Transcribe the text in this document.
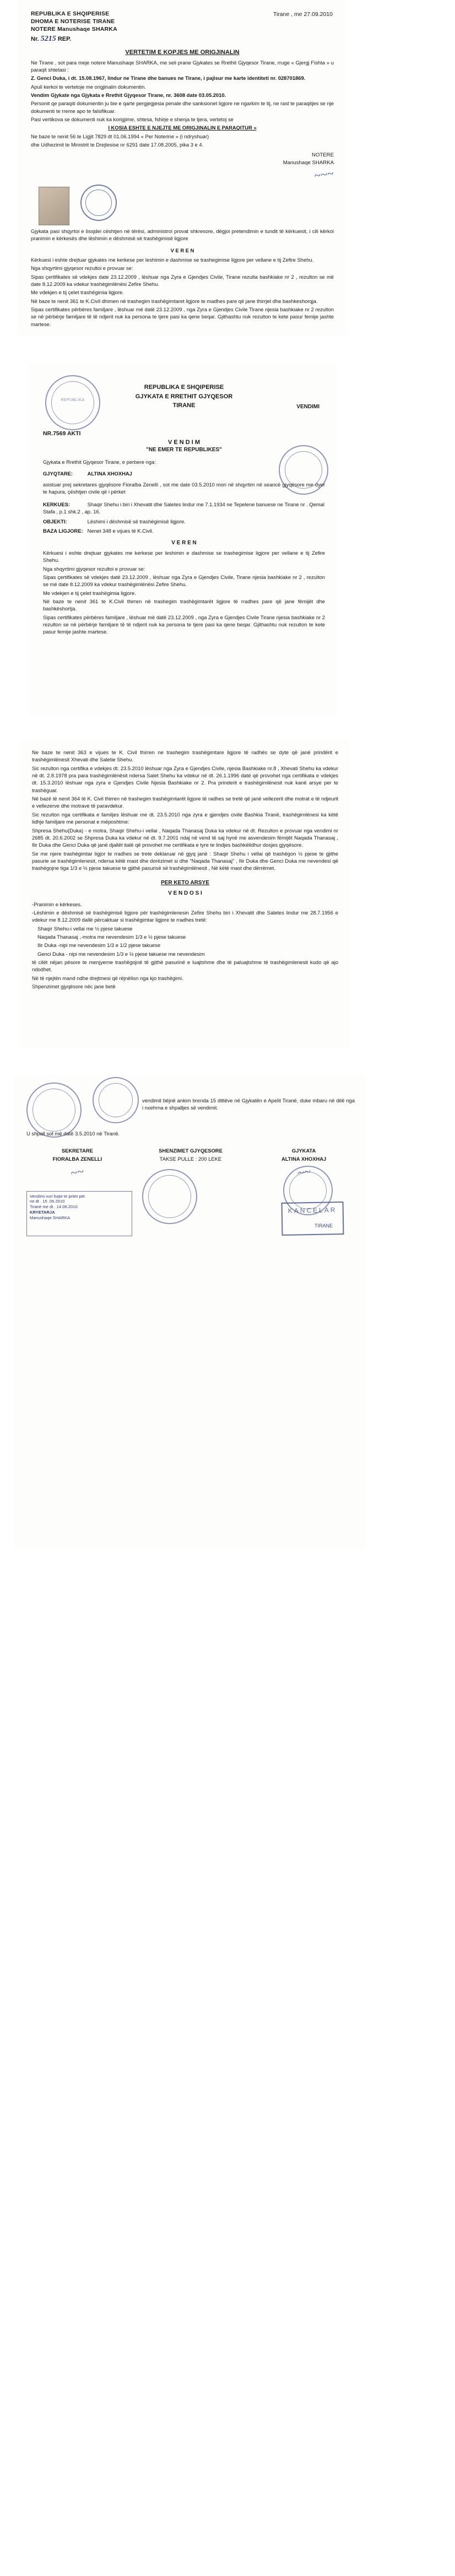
Tirane , me 27.09.2010
REPUBLIKA E SHQIPERISE
DHOMA E NOTERISE TIRANE
NOTERE Manushaqe SHARKA
Nr. 5215 REP.
VERTETIM E KOPJES ME ORIGJINALIN

Ne Tirane , sot para meje notere Manushaqe SHARKA, me seli prane Gjykates se Rrethit Gjyqesor Tirane, rruge « Gjergj Fishta » u paraqit shtetasi :

Z. Genci Duka, i dt. 15.08.1967, lindur ne Tirane dhe banues ne Tirane, i pajisur me karte identiteti nr. 028701869.

Apuli kerkoi te vertetoje me origjinalin dokumentin.

Vendim Gjykate nga Gjykata e Rrethit Gjyqesor Tirane, nr. 3608 date 03.05.2010.

Personit qe paraqiti dokumentin ju bie e qarte pergjegjesia penale dhe sanksionet ligjore ne ngarkim te tij, ne rast te paraqitjes se nje dokumenti te rreme apo te falsifikuar.

Pasi vertikova se dokumenti nuk ka korigjime, shtesa, fshirje e shenja te tjera, vertetoj se

I KOSIA ESHTE E NJEJTE ME ORIGJINALIN E PARAQITUR »

Ne baze te nenit 56 te Ligjit 7829 dt 01.06.1994 « Per Noterine » (i ndryshuar)

dhe Udhezimit te Ministrit te Drejtesise nr 6291 date 17.08.2005, pika 3 e 4.

NOTERE
Manushaqe SHARKA
~~~

Gjykata pasi shqyrtoi e lissjdei cështjen në tërësi, administroi provat shkresore, dëgjoi pretendimin e tundit të kërkuesit, i cili kërkoi pranimin e kërkesës dhe lëshimin e dëshmisë së trashëgimisë ligjore

V E R E N

Kërkuesi i eshte drejtuar gjykates me kerkese per leshimin e dashmise se trashegimise ligjore per vellane e tij Zefire Shehu.

Nga shqyrtimi gjyqesor rezultoi e provuar se:

Sipas çertifikates së vdekjes date 23.12.2009 , lëshuar nga Zyra e Gjendjes Civile, Tirane rezulta bashkiake nr 2 , rezulton se më date 8.12.2009 ka vdekur trashëgimlënësi Zefire Shehu.

Me vdekjen e tij çelet trashëgimia ligjore.

Në baze te nenit 361 te K.Civil dhimen në trashegim trashëgimtaret ligjore te madhes pare që jane thirrjet dhe bashkeshorqja.

Sipas certifikates përbëres familjare , lëshuar më datë 23.12.2009 , nga Zyra e Gjendjes Civile Tirane njesia bashkiake nr 2 rezulton se nё pёrbёrje familjare tё tё ndjerit nuk ka persona te tjere pasi ka qene beqar. Gjithashtu nuk rezulton te kete pasur femije jashte martese.

REPUBLIKA
REPUBLIKA E SHQIPERISE
GJYKATA E RRETHIT GJYQESOR
TIRANE	VENDIMI
NR.7569 AKTI
V E N D I M
"NE EMER TE REPUBLIKES"
Gjykata e Rrethit Gjyqesor Tirane, e perbere nga:
GJYQTARE:	ALTINA XHOXHAJ
asistuar prej sekretares gjyqësore Fioralba Zenelli , sot me date 03.5.2010 mori në shqyrtim në seancë gjyqësore me dyer te hapura, çështjen civile që i pёrket
KERKUES:	Shaqir Shehu i biri i Xhevatit dhe Saletes lindur me 7.1.1934 ne Tepelene banuese ne Tirane nr . Qemal Stafa , p.1 shk.2 , ap. 16.
OBJEKTI:	Lëshimi i dëshmisë së trashëgimisë ligjore.
BAZA LIGJORE: Nenet 348 e vijues të K.Civil.
V E R E N

Kërkuesi i eshte drejtuar gjykates me kerkese per leshimin e dashmise se trashegimise ligjore per vellane e tij Zefire Shehu.

Nga shqyrtimi gjyqesor rezultoi e provuar se:

Sipas çertifikates së vdekjes datë 23.12.2009 , lëshuar nga Zyra e Gjendjes Civile, Tirane njesia bashkiake nr 2 , rezulton se më date 8.12.2009 ka vdekur trashëgimlënësi Zefire Shehu.

Me vdekjen e tij çelet trashëgimia ligjore.

Në baze te nenit 361 te K.Civil thirren në trashegim trashëgimtarët ligjore të rradhes pare që jane fëmijët dhe bashkëshortja.

Sipas certifikates përbëres familjare , lëshuar më datë 23.12.2009 , nga Zyra e Gjendjes Civile Tirane njesia bashkiake nr 2 rezulton se në përbërje familjare të të ndjerit nuk ka persona te tjere pasi ka qene beqar. Gjithashtu nuk rezulton te kete pasur femije jashte martese.

Ne baze te nenit 363 e vijues te K. Civil thirren ne trashegim trashëgimtare ligjore të radhës se dyte që janë prindërit e trashëgimlënesit Xhevati dhe Saletie Shehu.

Sic rezulton nga certifika e vdekjes dt. 23.5.2010 lëshuar nga Zyra e Gjendjes Civile, njesia Bashkiake nr.8 , Xhevati Shehu ka vdekur në dt. 2.8.1978 pra para trashëgimlënësit ndersa Salet Shehu ka vdekur në dt. 26.1.1996 datë që provohet nga certifikata e vdekjes dt. 15.3.2010 lëshuar nga zyra e Gjendjes Civile Njesia Bashkiake nr 2. Pra prinderit e trashëgimlënesit nuk kanë arsye per te trashëguar.

Nё bazё tё nenit 364 tё K. Civil thirren nё trashegim trashëgimtarët ligjore tё radhes se tretë qё janё vellezerit dhe motrat e tё ndjeurit e vellezerve dhe motrave tё paravdekur.

Sic rezulton nga certifikata e familjes lëshuar me dt. 23.5.2010 nga zyra e gjendjes civile Bashkia Tiranë, trashёgimlënesi ka kёtё lidhje familjare me personat e mëposhtme:

Shpresa Shehu(Duka) - e motra, Shaqir Shehu-i vellai , Naqada Thanasaj Duka ka vdekur nё dt. Rezulton e provuar nga vendimi nr 2685 dt. 20.6.2002 se Shpresa Duka ka vdekur nё dt. 9.7.2001 ndaj nё vend tё saj hynё me asvendesim fëmijёt Naqada Thanasaj , Ilir Duka dhe Genci Duka qё janё djallёt italё qё provohet me certifikata e tyre te lindjes bashkёlidhur dosjes gjyqёsore.

Se me njere trashёgimtar ligjor te rradhes se trete deklaruar nё gjyq janё : Shaqir Shehu i vellai qё trashёgon ½ pjese te gjithe pasurie se trashëgimlenesit, ndersa kёtё mast dhe dorёzimet si dhe "Naqada Thanasaj" , Ilir Duka dhe Genci Duka me nevendesi qё trashёgojne tiga 1/3 e ½ pjese takuese te gjithë pasurisё sё trashёgimlënesit , Nё kёtё mast dhe dёrrёmet.

PER KETO ARSYE
V E N D O S I

-Pranimin e kërkeses.

-Lëshimin e dëshmisë së trashëgimisë ligjore për trashëgimlenesin Zefire Shehu biri i Xhevatit dhe Saletes lindur me 28.7.1956 e vdekur me 8.12.2009 dallё pёrcaktuar si trashёgimtar ligjore te rradhes tretё:

Shaqir Shehu-i vellai me ½ pjese takuese

Naqada Thanasaj ,-motra me nevendesim 1/3 e ½ pjese takuese

Ilir Duka -nipi me nevendesim 1/3 e 1/2 pjese takuese

Genci Duka - nipi me nevendesim 1/3 e ½ pjese takuese me nevendesim

tё cilёt nёjan pёsore te menjyerne trashёgojnё tё gjithё pasurinё e luajtshme dhe tё paluajtshme tё trashёgimlenesit kudo qё ajo ndodhet.

Nё tё njejtёn mand ndhe drejtmesi qё rёjnёlisn nga kjo trashёgimi.

Shpenzimet gjyqёsore nёc jane betё

vendimit bёjnё ankim brenda 15 dittёve nё Gjykatёn e Apelit Tiranё, duke mbaru nё ditё nga i nxehrna e shpalljes sё vendimit.
U shpall sot mё datё 3.5.2010 nё Tiranё.
SEKRETARE
FIORALBA ZENELLI
~~
SHENZIMET GJYQESORE
TAKSE PULLE : 200 LEKE
GJYKATA
ALTINA XHOXHAJ
~~
Vendimi vuri fuqie te pritet pёr
ne dt . 15 .06.2010
Tiranё me dt . 14.06.2010
KRYETARJA
Manushaqe SHARKA
KANCELAR
TIRANE
